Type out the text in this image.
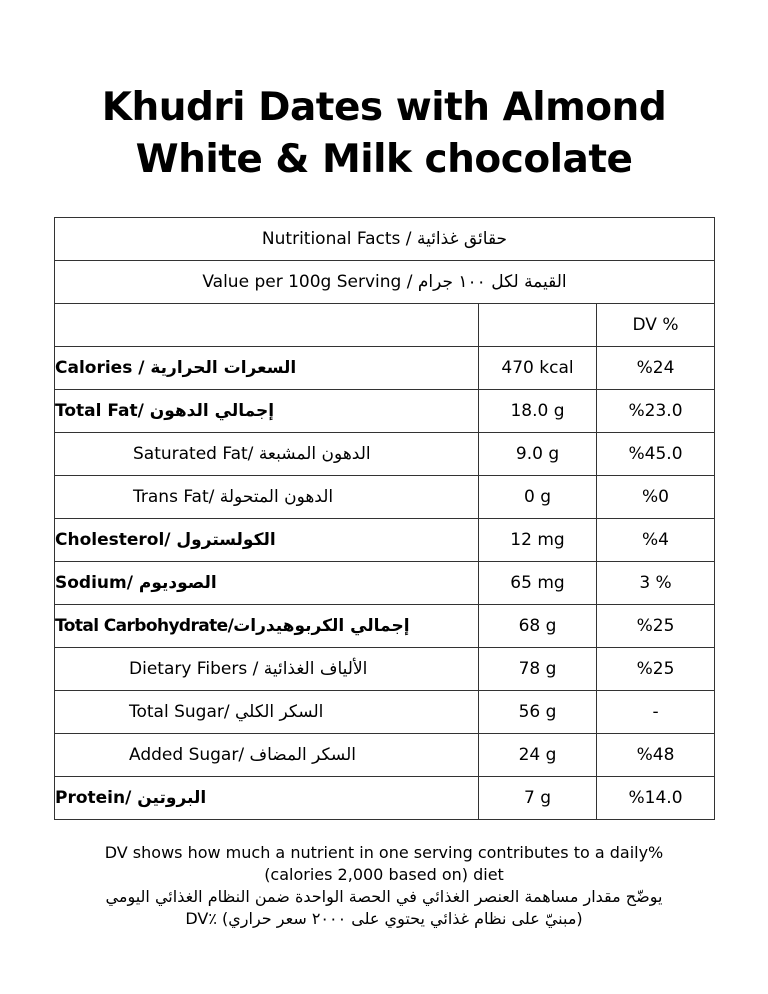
Khudri Dates with Almond
White & Milk chocolate
Nutritional Facts / حقائق غذائية		
Value per 100g Serving / القيمة لكل ١٠٠ جرام		
		DV %
Calories / السعرات الحرارية	470 kcal	%24
Total Fat/ إجمالي الدهون	18.0 g	%23.0
Saturated Fat/ الدهون المشبعة	9.0 g	%45.0
Trans Fat/ الدهون المتحولة	0 g	%0
Cholesterol/ الكولسترول	12 mg	%4
Sodium/ الصوديوم	65 mg	3 %
Total Carbohydrate/إجمالي الكربوهيدرات	68 g	%25
Dietary Fibers / الألياف الغذائية	78 g	%25
Total Sugar/ السكر الكلي	56 g	-
Added Sugar/ السكر المضاف	24 g	%48
Protein/ البروتين	7 g	%14.0
DV shows how much a nutrient in one serving contributes to a daily%
(calories 2,000 based on) diet
يوضّح مقدار مساهمة العنصر الغذائي في الحصة الواحدة ضمن النظام الغذائي اليومي
(مبنيّ على نظام غذائي يحتوي على ٢٠٠٠ سعر حراري) ٪DV
